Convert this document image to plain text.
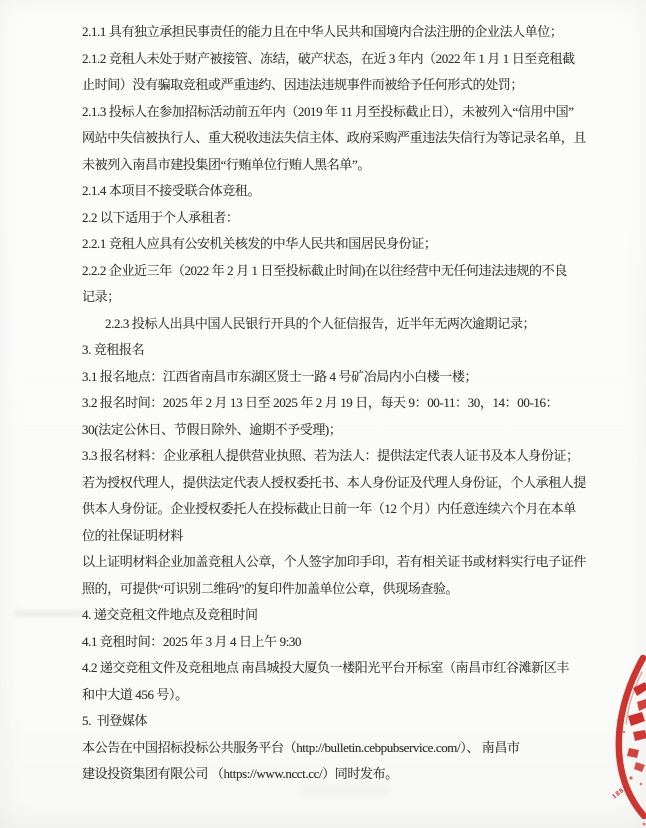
2.1.1 具有独立承担民事责任的能力且在中华人民共和国境内合法注册的企业法人单位；
2.1.2 竞租人未处于财产被接管、冻结，破产状态，在近 3 年内（2022 年 1 月 1 日至竞租截
止时间）没有骗取竞租或严重违约、因违法违规事件而被给予任何形式的处罚；
2.1.3 投标人在参加招标活动前五年内（2019 年 11 月至投标截止日），未被列入“信用中国”
网站中失信被执行人、重大税收违法失信主体、政府采购严重违法失信行为等记录名单，且
未被列入南昌市建投集团“行贿单位行贿人黑名单”。
2.1.4 本项目不接受联合体竞租。
2.2 以下适用于个人承租者：
2.2.1 竞租人应具有公安机关核发的中华人民共和国居民身份证；
2.2.2 企业近三年（2022 年 2 月 1 日至投标截止时间)在以往经营中无任何违法违规的不良
记录；
2.2.3 投标人出具中国人民银行开具的个人征信报告，近半年无两次逾期记录；
3. 竞租报名
3.1 报名地点：江西省南昌市东湖区贤士一路 4 号矿冶局内小白楼一楼；
3.2 报名时间：2025 年 2 月 13 日至 2025 年 2 月 19 日，每天 9：00-11：30，14：00-16：
30(法定公休日、节假日除外、逾期不予受理)；
3.3 报名材料：企业承租人提供营业执照、若为法人：提供法定代表人证书及本人身份证；
若为授权代理人，提供法定代表人授权委托书、本人身份证及代理人身份证，个人承租人提
供本人身份证。企业授权委托人在投标截止日前一年（12 个月）内任意连续六个月在本单
位的社保证明材料
以上证明材料企业加盖竞租人公章，个人签字加印手印，若有相关证书或材料实行电子证件
照的，可提供“可识别二维码”的复印件加盖单位公章，供现场查验。
4. 递交竞租文件地点及竞租时间
4.1 竞租时间：2025 年 3 月 4 日上午 9:30
4.2 递交竞租文件及竞租地点 南昌城投大厦负一楼阳光平台开标室（南昌市红谷滩新区丰
和中大道 456 号）。
5.  刊登媒体
本公告在中国招标投标公共服务平台（http://bulletin.cebpubservice.com/）、 南昌市
建设投资集团有限公司 （https://www.ncct.cc/）同时发布。
1881
